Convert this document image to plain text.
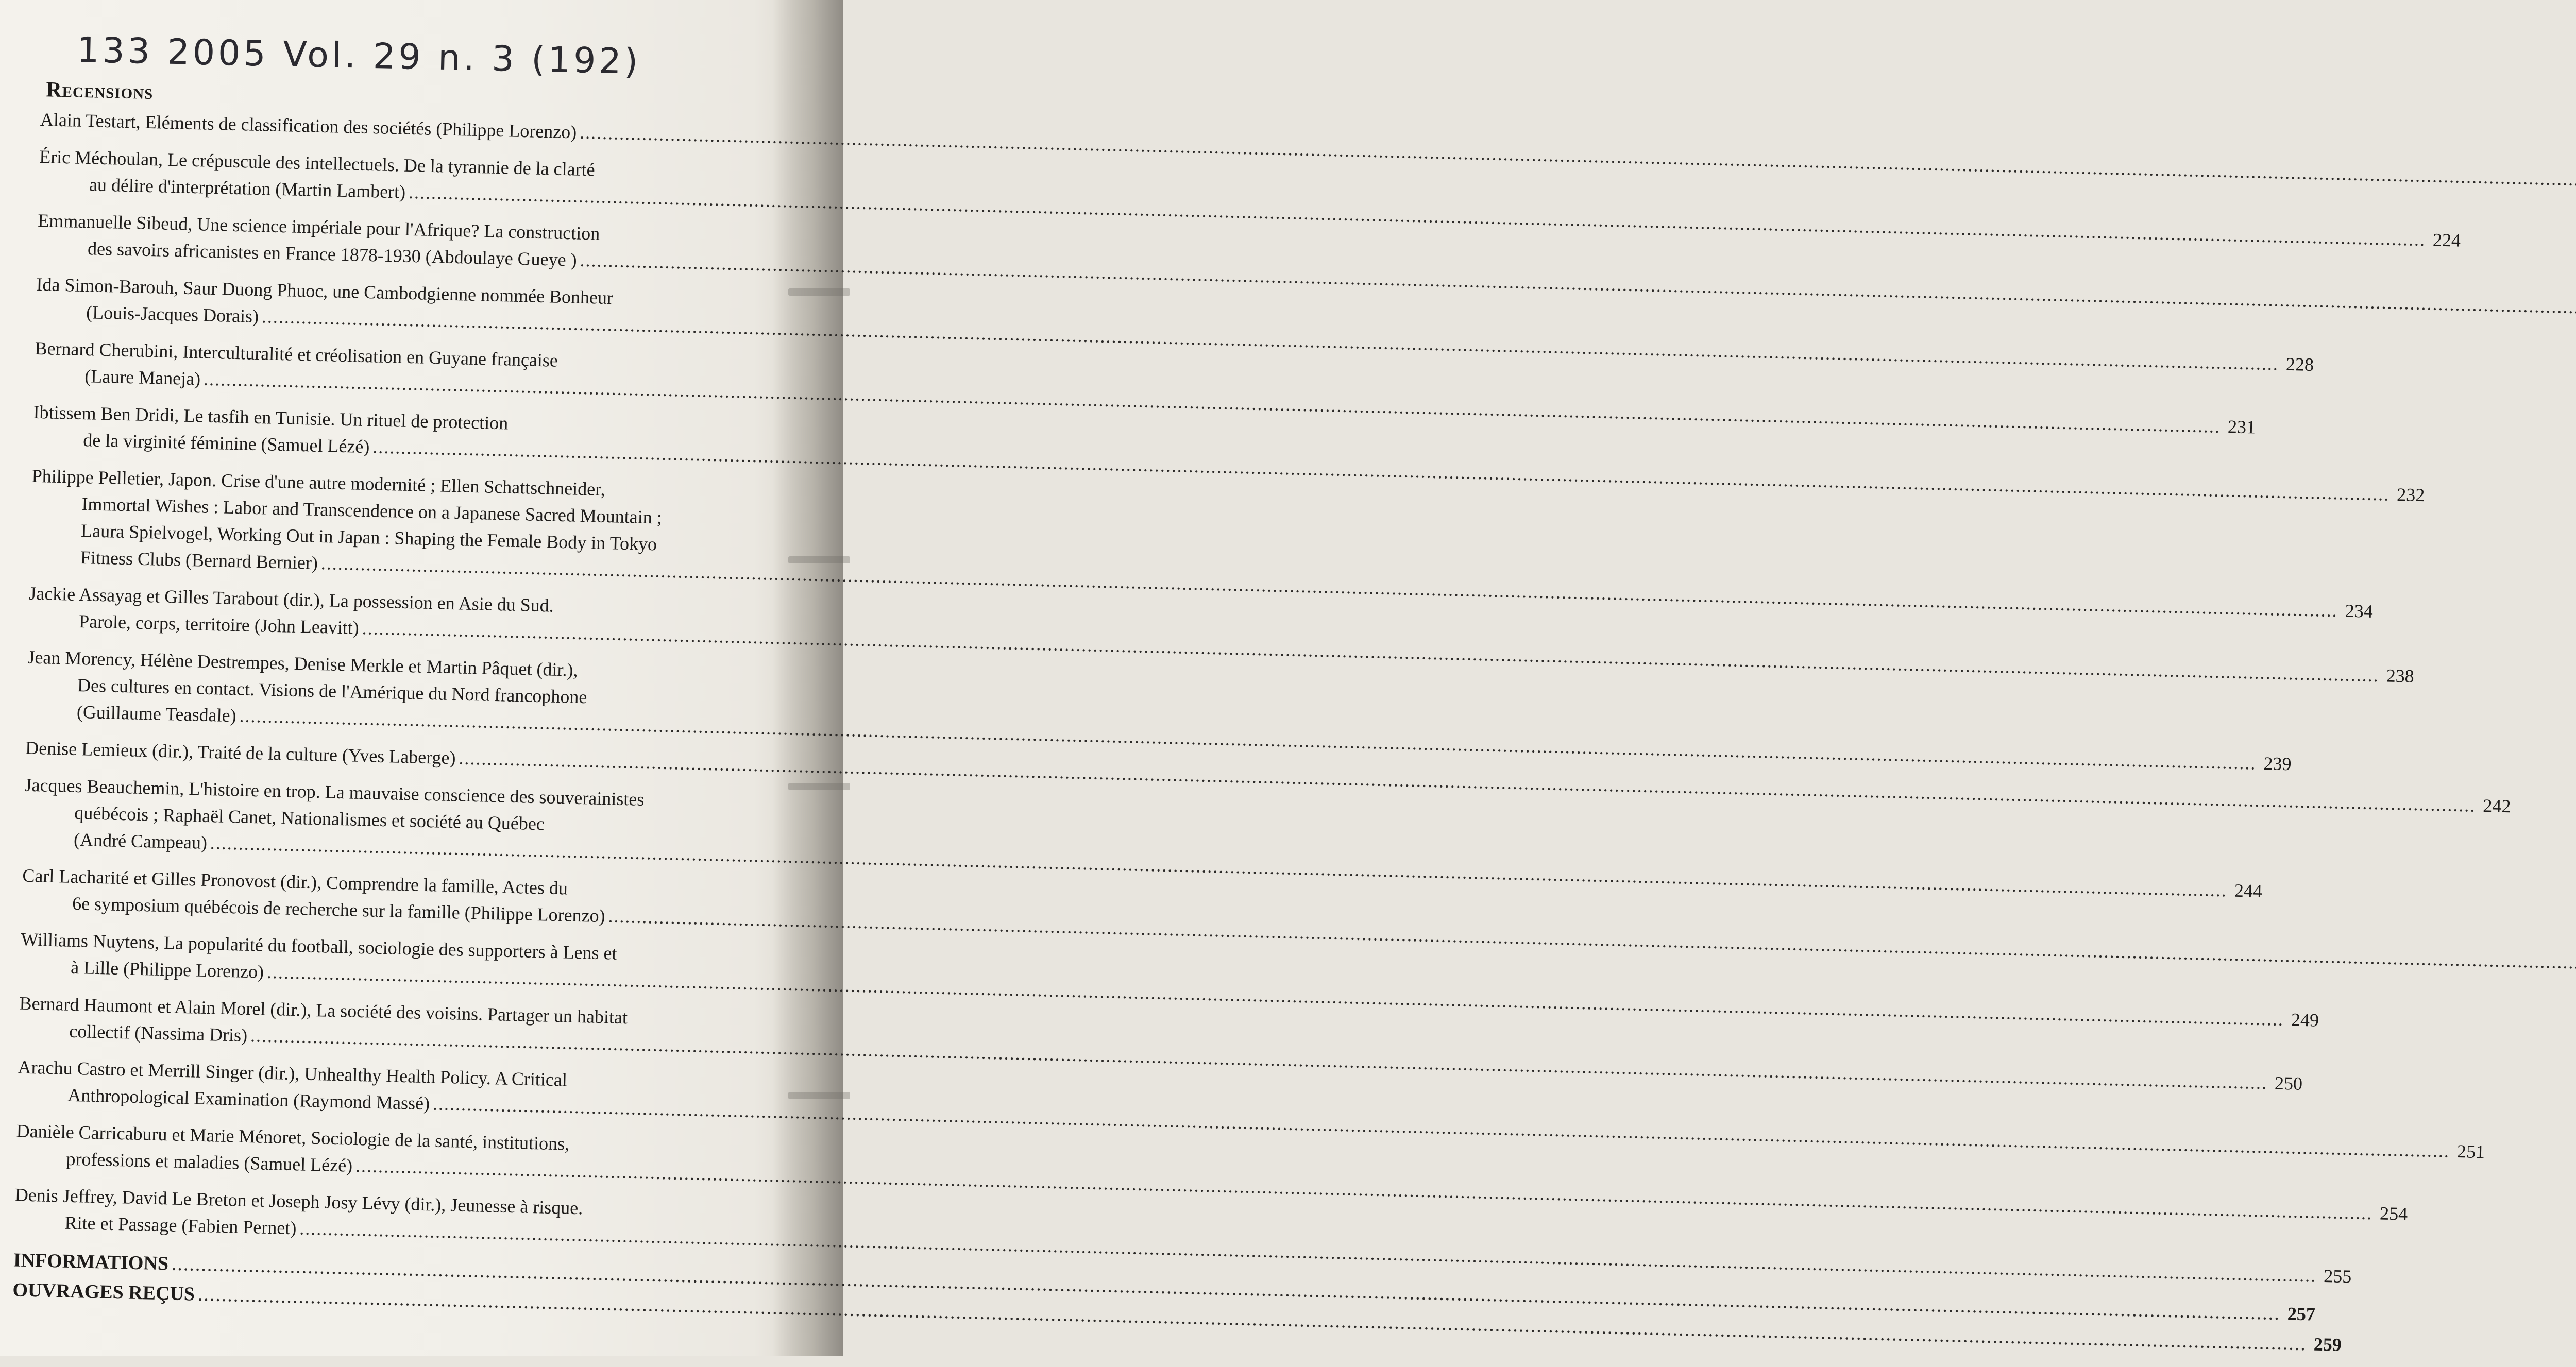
133 2005 Vol. 29 n. 3 (192)
Recensions
Alain Testart, Eléments de classification des sociétés (Philippe Lorenzo)
.....
Éric Méchoulan, Le crépuscule des intellectuels. De la tyrannie de la clarté
au délire d'interprétation (Martin Lambert)
.....
224
Emmanuelle Sibeud, Une science impériale pour l'Afrique? La construction
des savoirs africanistes en France 1878-1930 (Abdoulaye Gueye )
.....
Ida Simon-Barouh, Saur Duong Phuoc, une Cambodgienne nommée Bonheur
(Louis-Jacques Dorais)
.....
228
Bernard Cherubini, Interculturalité et créolisation en Guyane française
(Laure Maneja)
.....
231
Ibtissem Ben Dridi, Le tasfih en Tunisie. Un rituel de protection
de la virginité féminine (Samuel Lézé)
.....
232
Philippe Pelletier, Japon. Crise d'une autre modernité ; Ellen Schattschneider,
Immortal Wishes : Labor and Transcendence on a Japanese Sacred Mountain ;
Laura Spielvogel, Working Out in Japan : Shaping the Female Body in Tokyo
Fitness Clubs (Bernard Bernier)
.....
234
Jackie Assayag et Gilles Tarabout (dir.), La possession en Asie du Sud.
Parole, corps, territoire (John Leavitt)
.....
238
Jean Morency, Hélène Destrempes, Denise Merkle et Martin Pâquet (dir.),
Des cultures en contact. Visions de l'Amérique du Nord francophone
(Guillaume Teasdale)
.....
239
Denise Lemieux (dir.), Traité de la culture (Yves Laberge)
.....
242
Jacques Beauchemin, L'histoire en trop. La mauvaise conscience des souverainistes
québécois ; Raphaël Canet, Nationalismes et société au Québec
(André Campeau)
.....
244
Carl Lacharité et Gilles Pronovost (dir.), Comprendre la famille, Actes du
6e symposium québécois de recherche sur la famille (Philippe Lorenzo)
.....
Williams Nuytens, La popularité du football, sociologie des supporters à Lens et
à Lille (Philippe Lorenzo)
.....
249
Bernard Haumont et Alain Morel (dir.), La société des voisins. Partager un habitat
collectif (Nassima Dris)
.....
250
Arachu Castro et Merrill Singer (dir.), Unhealthy Health Policy. A Critical
Anthropological Examination (Raymond Massé)
.....
251
Danièle Carricaburu et Marie Ménoret, Sociologie de la santé, institutions,
professions et maladies (Samuel Lézé)
.....
254
Denis Jeffrey, David Le Breton et Joseph Josy Lévy (dir.), Jeunesse à risque.
Rite et Passage (Fabien Pernet)
.....
255
INFORMATIONS
.....
257
OUVRAGES REÇUS
.....
259
